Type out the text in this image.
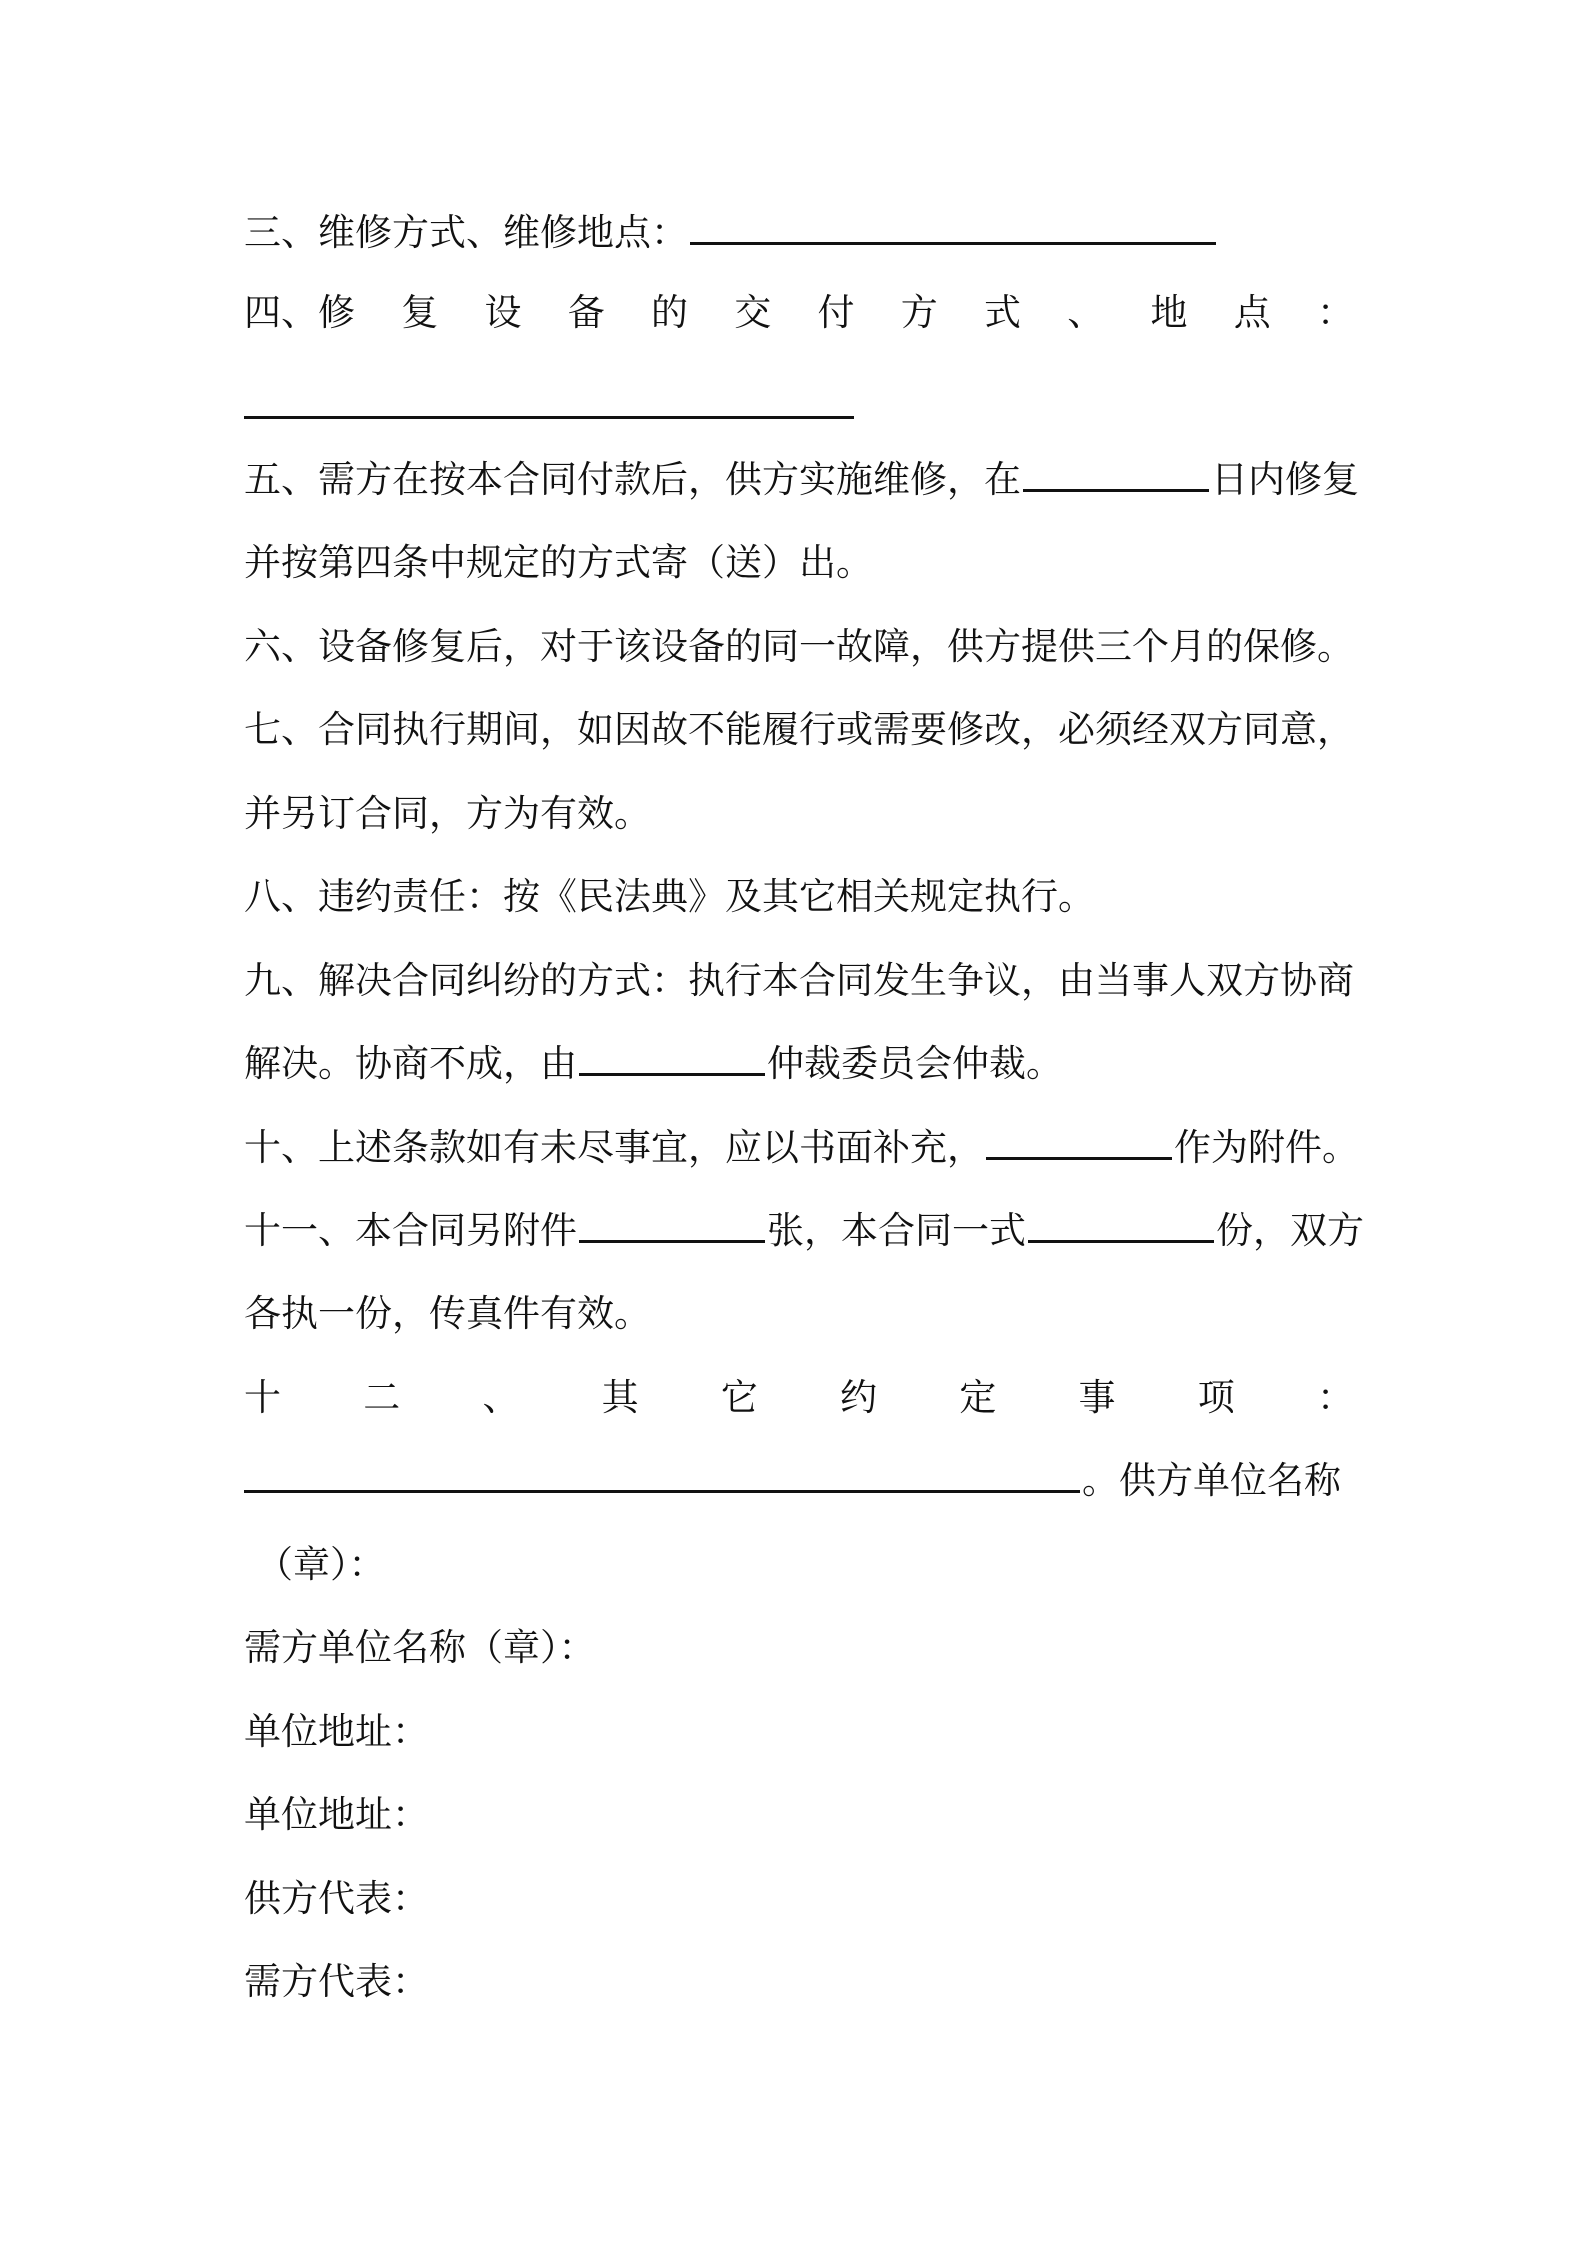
三、维修方式、维修地点：
四、修 复 设 备 的 交 付 方 式 、 地 点 ：
五、需方在按本合同付款后，供方实施维修，在	日内修复
并按第四条中规定的方式寄（送）出。
六、设备修复后，对于该设备的同一故障，供方提供三个月的保修。
七、合同执行期间，如因故不能履行或需要修改，必须经双方同意，
并另订合同，方为有效。
八、违约责任：按《民法典》及其它相关规定执行。
九、解决合同纠纷的方式：执行本合同发生争议，由当事人双方协商
解决。协商不成，由	仲裁委员会仲裁。
十、上述条款如有未尽事宜，应以书面补充，	作为附件。
十一、本合同另附件	张，本合同一式	份，双方
各执一份，传真件有效。
十 二 、 其 它 约 定 事 项 ：
。供方单位名称
（章）：
需方单位名称（章）：
单位地址：
单位地址：
供方代表：
需方代表：
